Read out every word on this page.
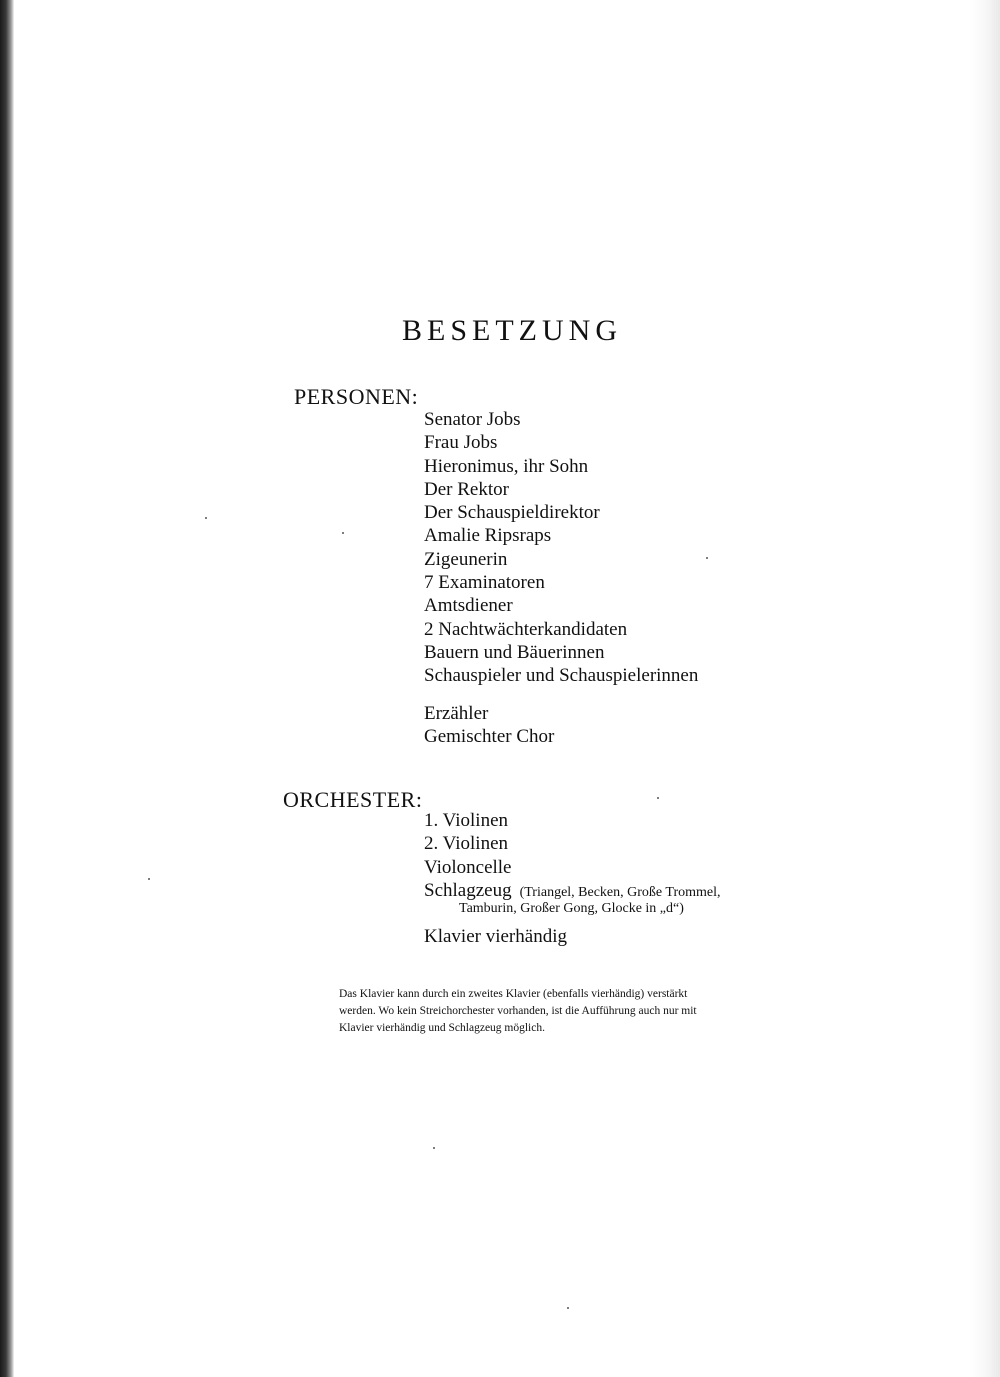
BESETZUNG
PERSONEN:
Senator Jobs
Frau Jobs
Hieronimus, ihr Sohn
Der Rektor
Der Schauspieldirektor
Amalie Ripsraps
Zigeunerin
7 Examinatoren
Amtsdiener
2 Nachtwächterkandidaten
Bauern und Bäuerinnen
Schauspieler und Schauspielerinnen
Erzähler
Gemischter Chor
ORCHESTER:
1. Violinen
2. Violinen
Violoncelle
Schlagzeug (Triangel, Becken, Große Trommel,
Klavier vierhändig
Tamburin, Großer Gong, Glocke in „d“)

Das Klavier kann durch ein zweites Klavier (ebenfalls vierhändig) verstärkt werden. Wo kein Streichorchester vorhanden, ist die Aufführung auch nur mit Klavier vierhändig und Schlagzeug möglich.
